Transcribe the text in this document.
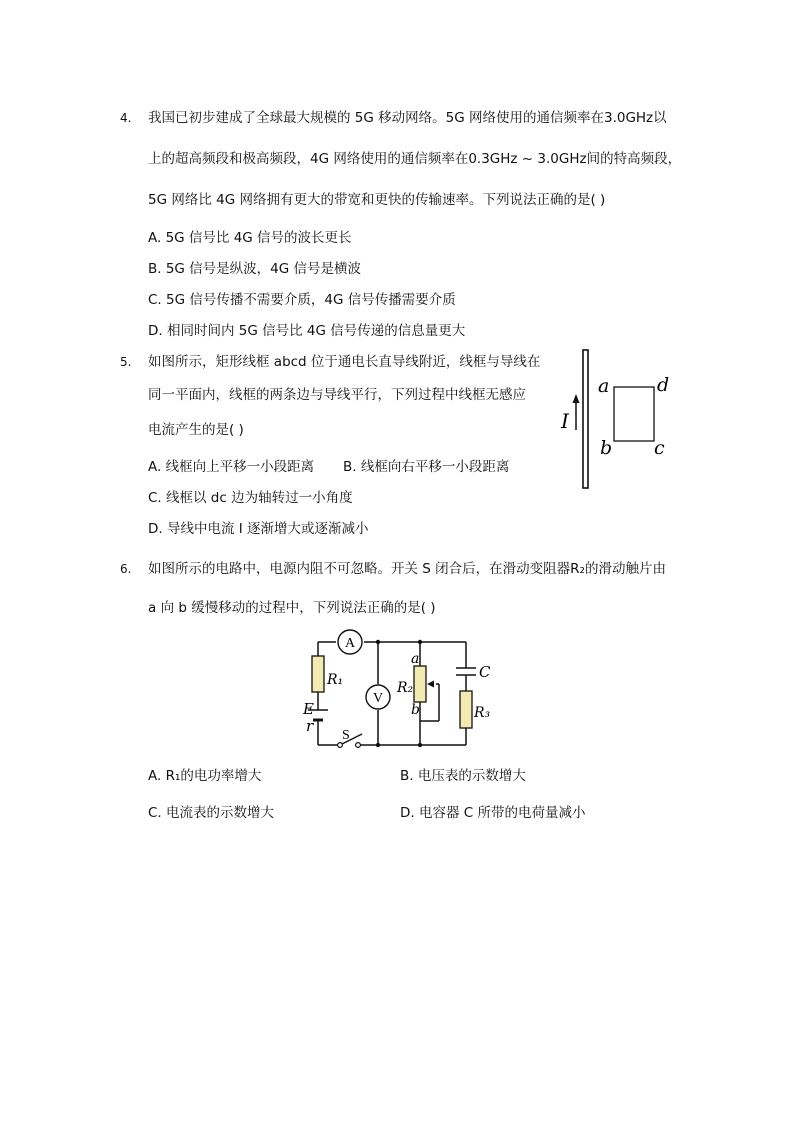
4. 我国已初步建成了全球最大规模的 5G 移动网络。5G 网络使用的通信频率在3.0GHz以
上的超高频段和极高频段，4G 网络使用的通信频率在0.3GHz ~ 3.0GHz间的特高频段，
5G 网络比 4G 网络拥有更大的带宽和更快的传输速率。下列说法正确的是( )
A. 5G 信号比 4G 信号的波长更长
B. 5G 信号是纵波，4G 信号是横波
C. 5G 信号传播不需要介质，4G 信号传播需要介质
D. 相同时间内 5G 信号比 4G 信号传递的信息量更大
5. 如图所示，矩形线框 abcd 位于通电长直导线附近，线框与导线在
同一平面内，线框的两条边与导线平行，下列过程中线框无感应
电流产生的是( )
A. 线框向上平移一小段距离 B. 线框向右平移一小段距离
C. 线框以 dc 边为轴转过一小角度
D. 导线中电流 I 逐渐增大或逐渐减小
I
a	d
b c
6. 如图所示的电路中，电源内阻不可忽略。开关 S 闭合后，在滑动变阻器R₂的滑动触片由
a 向 b 缓慢移动的过程中，下列说法正确的是( )
A
R₁
E
r
S
V
a
b
R₂
C
R₃
A. R₁的电功率增大	B. 电压表的示数增大
C. 电流表的示数增大	D. 电容器 C 所带的电荷量减小
